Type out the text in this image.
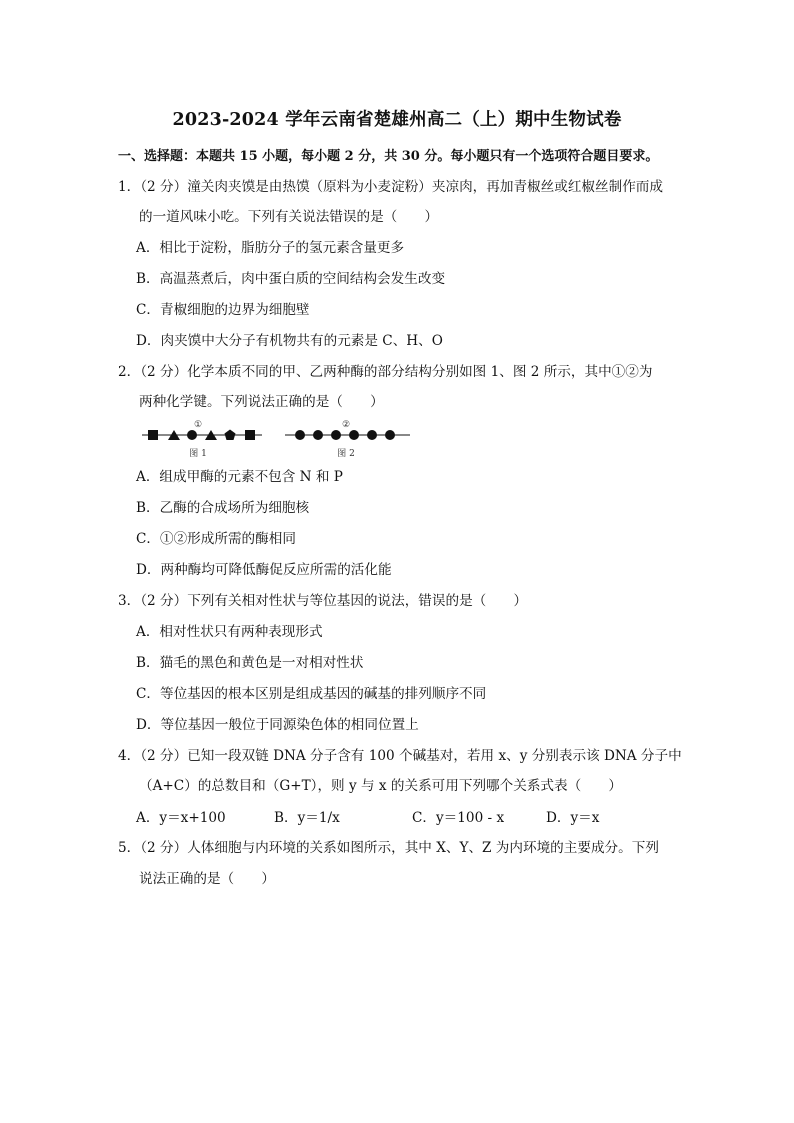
2023-2024 学年云南省楚雄州高二（上）期中生物试卷
一、选择题：本题共 15 小题，每小题 2 分，共 30 分。每小题只有一个选项符合题目要求。
1．（2 分）潼关肉夹馍是由热馍（原料为小麦淀粉）夹凉肉，再加青椒丝或红椒丝制作而成
的一道风味小吃。下列有关说法错误的是（　　）
A．相比于淀粉，脂肪分子的氢元素含量更多
B．高温蒸煮后，肉中蛋白质的空间结构会发生改变
C．青椒细胞的边界为细胞壁
D．肉夹馍中大分子有机物共有的元素是 C、H、O
2．（2 分）化学本质不同的甲、乙两种酶的部分结构分别如图 1、图 2 所示，其中①②为
两种化学键。下列说法正确的是（　　）
①
图 1
②
图 2
A．组成甲酶的元素不包含 N 和 P
B．乙酶的合成场所为细胞核
C．①②形成所需的酶相同
D．两种酶均可降低酶促反应所需的活化能
3．（2 分）下列有关相对性状与等位基因的说法，错误的是（　　）
A．相对性状只有两种表现形式
B．猫毛的黑色和黄色是一对相对性状
C．等位基因的根本区别是组成基因的碱基的排列顺序不同
D．等位基因一般位于同源染色体的相同位置上
4．（2 分）已知一段双链 DNA 分子含有 100 个碱基对，若用 x、y 分别表示该 DNA 分子中
（A+C）的总数目和（G+T），则 y 与 x 的关系可用下列哪个关系式表（　　）
A．y＝x+100	B．y＝1/x	C．y＝100 - x	D．y＝x
5．（2 分）人体细胞与内环境的关系如图所示，其中 X、Y、Z 为内环境的主要成分。下列
说法正确的是（　　）
